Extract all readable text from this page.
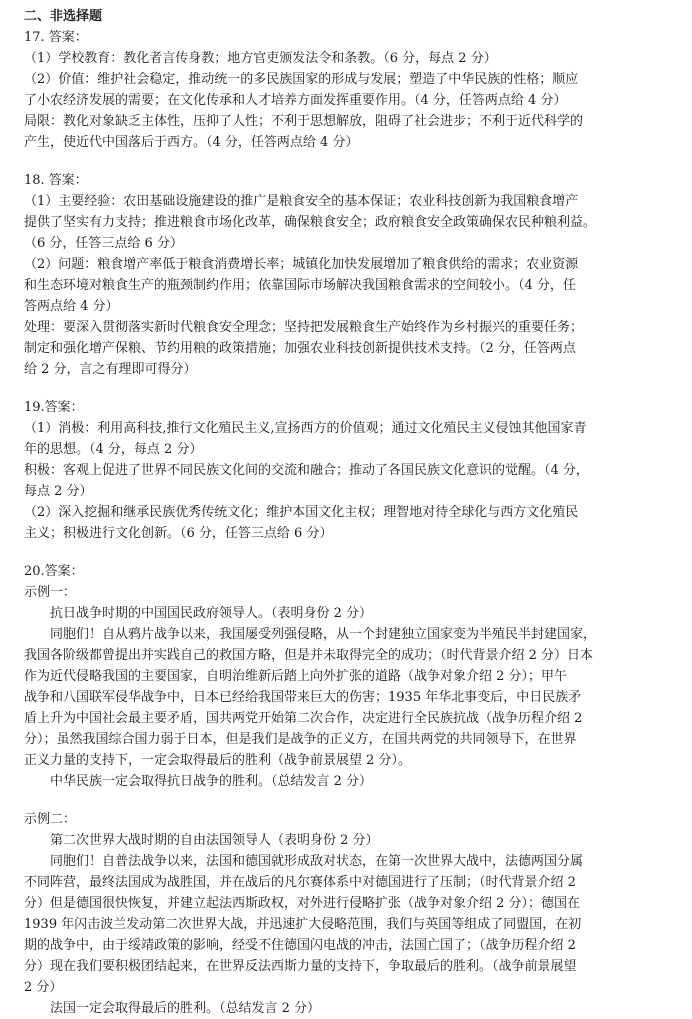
二、非选择题
17. 答案：
（1）学校教育：教化者言传身教；地方官吏颁发法令和条教。（6 分，每点 2 分）
（2）价值：维护社会稳定，推动统一的多民族国家的形成与发展；塑造了中华民族的性格；顺应
了小农经济发展的需要；在文化传承和人才培养方面发挥重要作用。（4 分，任答两点给 4 分）
局限：教化对象缺乏主体性，压抑了人性；不利于思想解放，阻碍了社会进步；不利于近代科学的
产生，使近代中国落后于西方。（4 分，任答两点给 4 分）
18. 答案：
（1）主要经验：农田基础设施建设的推广是粮食安全的基本保证；农业科技创新为我国粮食增产
提供了坚实有力支持；推进粮食市场化改革，确保粮食安全；政府粮食安全政策确保农民种粮利益。
（6 分，任答三点给 6 分）
（2）问题：粮食增产率低于粮食消费增长率；城镇化加快发展增加了粮食供给的需求；农业资源
和生态环境对粮食生产的瓶颈制约作用；依靠国际市场解决我国粮食需求的空间较小。（4 分，任
答两点给 4 分）
处理：要深入贯彻落实新时代粮食安全理念；坚持把发展粮食生产始终作为乡村振兴的重要任务；
制定和强化增产保粮、节约用粮的政策措施；加强农业科技创新提供技术支持。（2 分，任答两点
给 2 分，言之有理即可得分）
19.答案：
（1）消极：利用高科技,推行文化殖民主义,宣扬西方的价值观；通过文化殖民主义侵蚀其他国家青
年的思想。（4 分，每点 2 分）
积极：客观上促进了世界不同民族文化间的交流和融合；推动了各国民族文化意识的觉醒。（4 分，
每点 2 分）
（2）深入挖掘和继承民族优秀传统文化；维护本国文化主权；理智地对待全球化与西方文化殖民
主义；积极进行文化创新。（6 分，任答三点给 6 分）
20.答案：
示例一：
抗日战争时期的中国国民政府领导人。（表明身份 2 分）
同胞们！自从鸦片战争以来，我国屡受列强侵略，从一个封建独立国家变为半殖民半封建国家，
我国各阶级都曾提出并实践自己的救国方略，但是并未取得完全的成功；（时代背景介绍 2 分）日本
作为近代侵略我国的主要国家，自明治维新后踏上向外扩张的道路（战争对象介绍 2 分）；甲午
战争和八国联军侵华战争中，日本已经给我国带来巨大的伤害；1935 年华北事变后，中日民族矛
盾上升为中国社会最主要矛盾，国共两党开始第二次合作，决定进行全民族抗战（战争历程介绍 2
分）；虽然我国综合国力弱于日本，但是我们是战争的正义方，在国共两党的共同领导下，在世界
正义力量的支持下，一定会取得最后的胜利（战争前景展望 2 分）。
中华民族一定会取得抗日战争的胜利。（总结发言 2 分）
示例二：
第二次世界大战时期的自由法国领导人（表明身份 2 分）
同胞们！自普法战争以来，法国和德国就形成敌对状态，在第一次世界大战中，法德两国分属
不同阵营，最终法国成为战胜国，并在战后的凡尔赛体系中对德国进行了压制；（时代背景介绍 2
分）但是德国很快恢复，并建立起法西斯政权，对外进行侵略扩张（战争对象介绍 2 分）；德国在
1939 年闪击波兰发动第二次世界大战，并迅速扩大侵略范围，我们与英国等组成了同盟国，在初
期的战争中，由于绥靖政策的影响，经受不住德国闪电战的冲击，法国亡国了；（战争历程介绍 2
分）现在我们要积极团结起来，在世界反法西斯力量的支持下，争取最后的胜利。（战争前景展望
2 分）
法国一定会取得最后的胜利。（总结发言 2 分）
